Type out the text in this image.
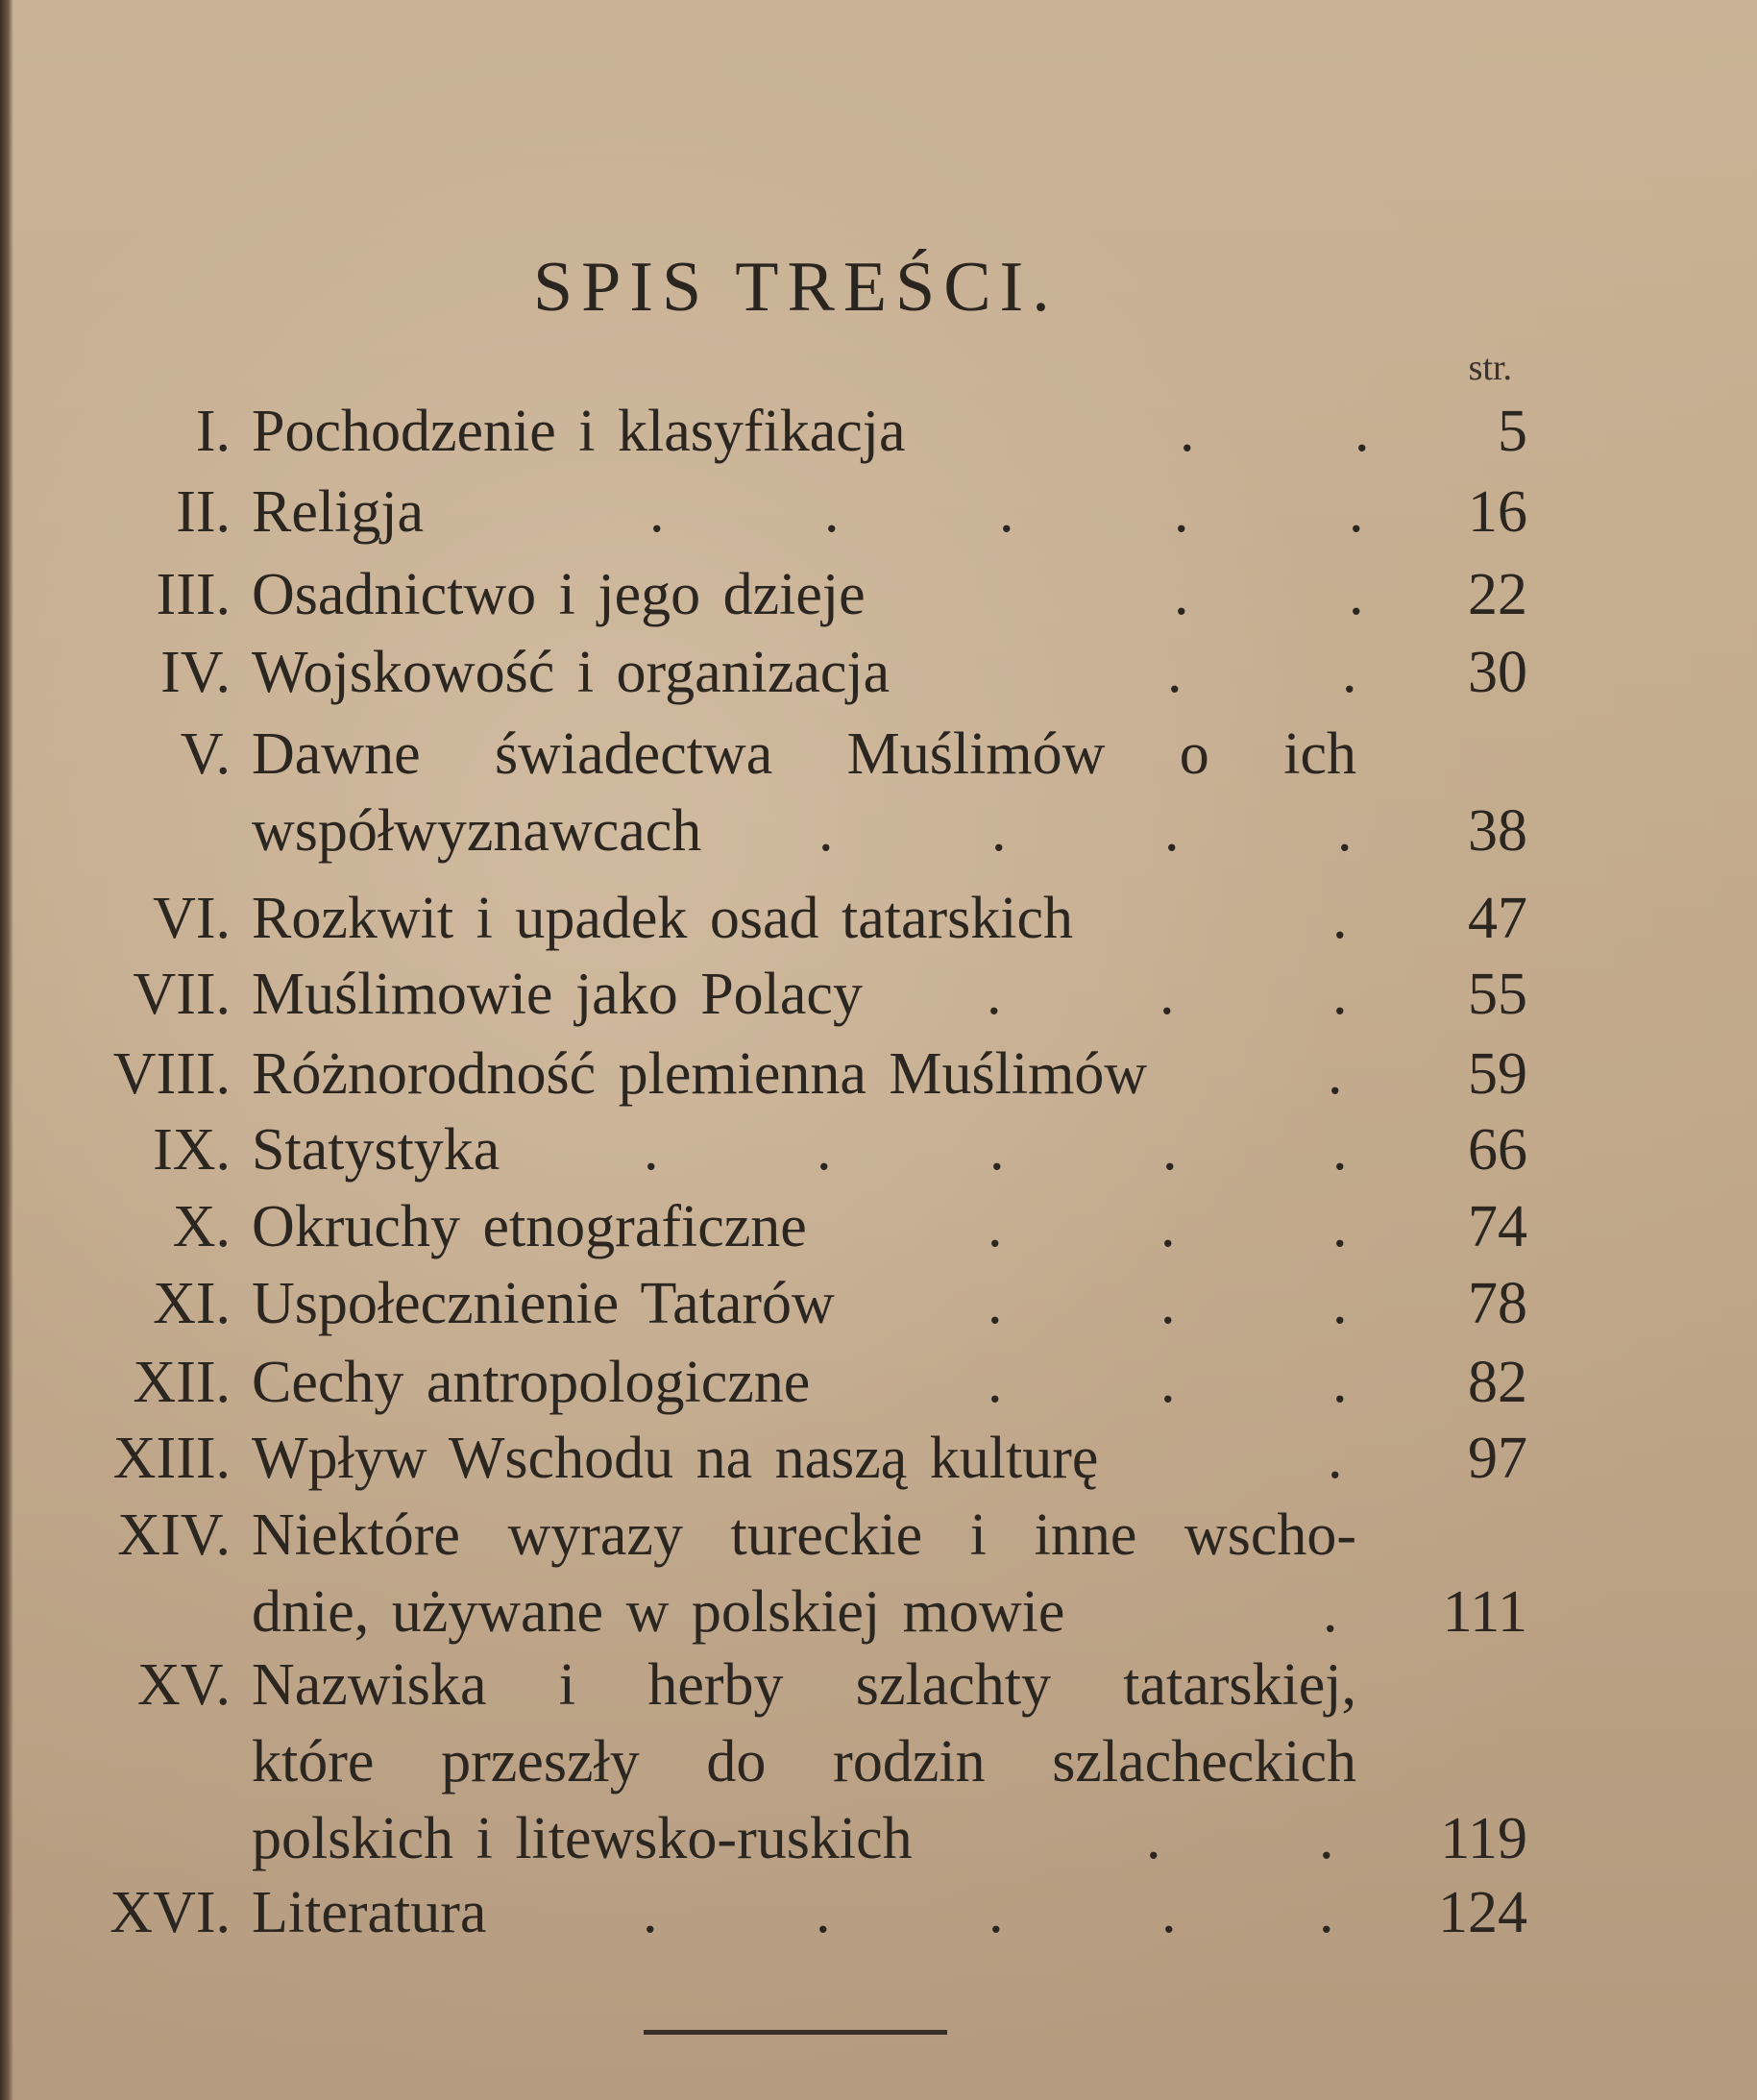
SPIS TREŚCI.
str.
I. Pochodzenie i klasyfikacja	.	.	5
II. Religja	.	.	.	.	.	16
III. Osadnictwo i jego dzieje	.	.	22
IV. Wojskowość i organizacja	.	.	30
V. Dawne świadectwa Muślimów o ich
współwyznawcach	.	.	.	.	38
VI. Rozkwit i upadek osad tatarskich	.	47
VII. Muślimowie jako Polacy	.	.	.	55
VIII. Różnorodność plemienna Muślimów	.	59
IX. Statystyka	.	.	.	.	.	66
X. Okruchy etnograficzne	.	.	.	74
XI. Uspołecznienie Tatarów	.	.	.	78
XII. Cechy antropologiczne	.	.	.	82
XIII. Wpływ Wschodu na naszą kulturę	.	97
XIV. Niektóre wyrazy tureckie i inne wscho-
dnie, używane w polskiej mowie	.	111
XV. Nazwiska i herby szlachty tatarskiej,
które przeszły do rodzin szlacheckich
polskich i litewsko-ruskich	.	.	119
XVI. Literatura	.	.	.	. .	124
